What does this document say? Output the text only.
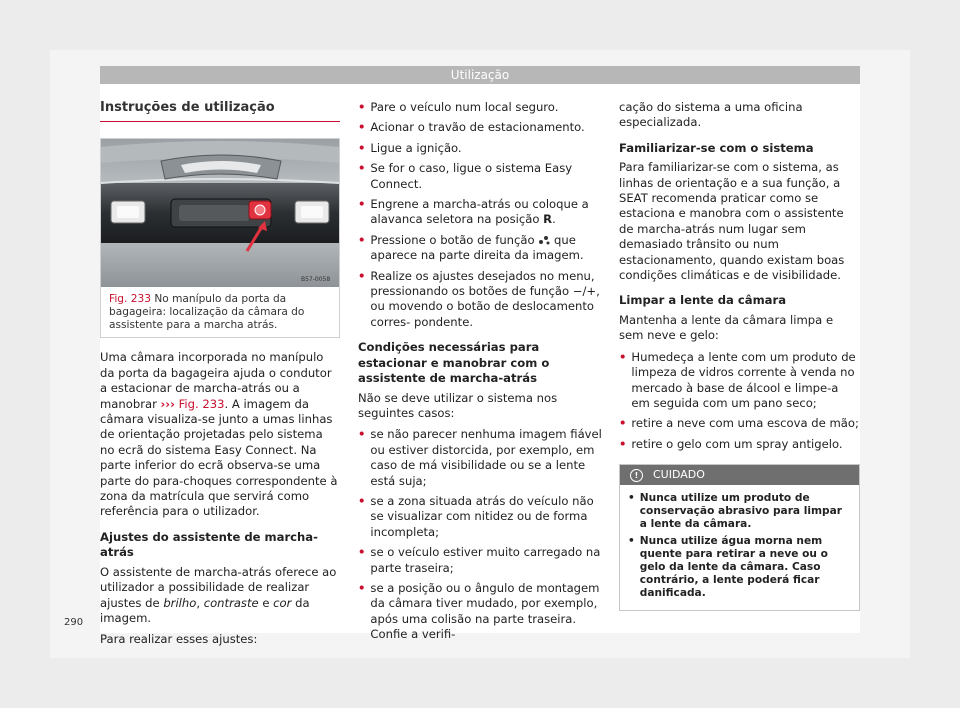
Utilização
Instruções de utilização
B57-0058
Fig. 233 No manípulo da porta da bagageira: localização da câmara do assistente para a marcha atrás.

Uma câmara incorporada no manípulo da porta da bagageira ajuda o condutor a estacionar de marcha-atrás ou a manobrar ››› Fig. 233. A imagem da câmara visualiza-se junto a umas linhas de orientação projetadas pelo sistema no ecrã do sistema Easy Connect. Na parte inferior do ecrã observa-se uma parte do para-choques correspondente à zona da matrícula que servirá como referência para o utilizador.

Ajustes do assistente de marcha-atrás

O assistente de marcha-atrás oferece ao utilizador a possibilidade de realizar ajustes de brilho, contraste e cor da imagem.

Para realizar esses ajustes:

• Pare o veículo num local seguro.
• Acionar o travão de estacionamento.
• Ligue a ignição.
• Se for o caso, ligue o sistema Easy Connect.
• Engrene a marcha-atrás ou coloque a alavanca seletora na posição R.
• Pressione o botão de função que aparece na parte direita da imagem.
• Realize os ajustes desejados no menu, pressionando os botões de função −/+, ou movendo o botão de deslocamento corres- pondente.
Condições necessárias para estacionar e manobrar com o assistente de marcha-atrás

Não se deve utilizar o sistema nos seguintes casos:

• se não parecer nenhuma imagem fiável ou estiver distorcida, por exemplo, em caso de má visibilidade ou se a lente está suja;
• se a zona situada atrás do veículo não se visualizar com nitidez ou de forma incompleta;
• se o veículo estiver muito carregado na parte traseira;
• se a posição ou o ângulo de montagem da câmara tiver mudado, por exemplo, após uma colisão na parte traseira. Confie a verifi-

cação do sistema a uma oficina especializada.

Familiarizar-se com o sistema

Para familiarizar-se com o sistema, as linhas de orientação e a sua função, a SEAT recomenda praticar como se estaciona e manobra com o assistente de marcha-atrás num lugar sem demasiado trânsito ou num estacionamento, quando existam boas condições climáticas e de visibilidade.

Limpar a lente da câmara

Mantenha a lente da câmara limpa e sem neve e gelo:

• Humedeça a lente com um produto de limpeza de vidros corrente à venda no mercado à base de álcool e limpe-a em seguida com um pano seco;
• retire a neve com uma escova de mão;
• retire o gelo com um spray antigelo.
!	CUIDADO
• Nunca utilize um produto de conservação abrasivo para limpar a lente da câmara.
• Nunca utilize água morna nem quente para retirar a neve ou o gelo da lente da câmara. Caso contrário, a lente poderá ficar danificada.
290
